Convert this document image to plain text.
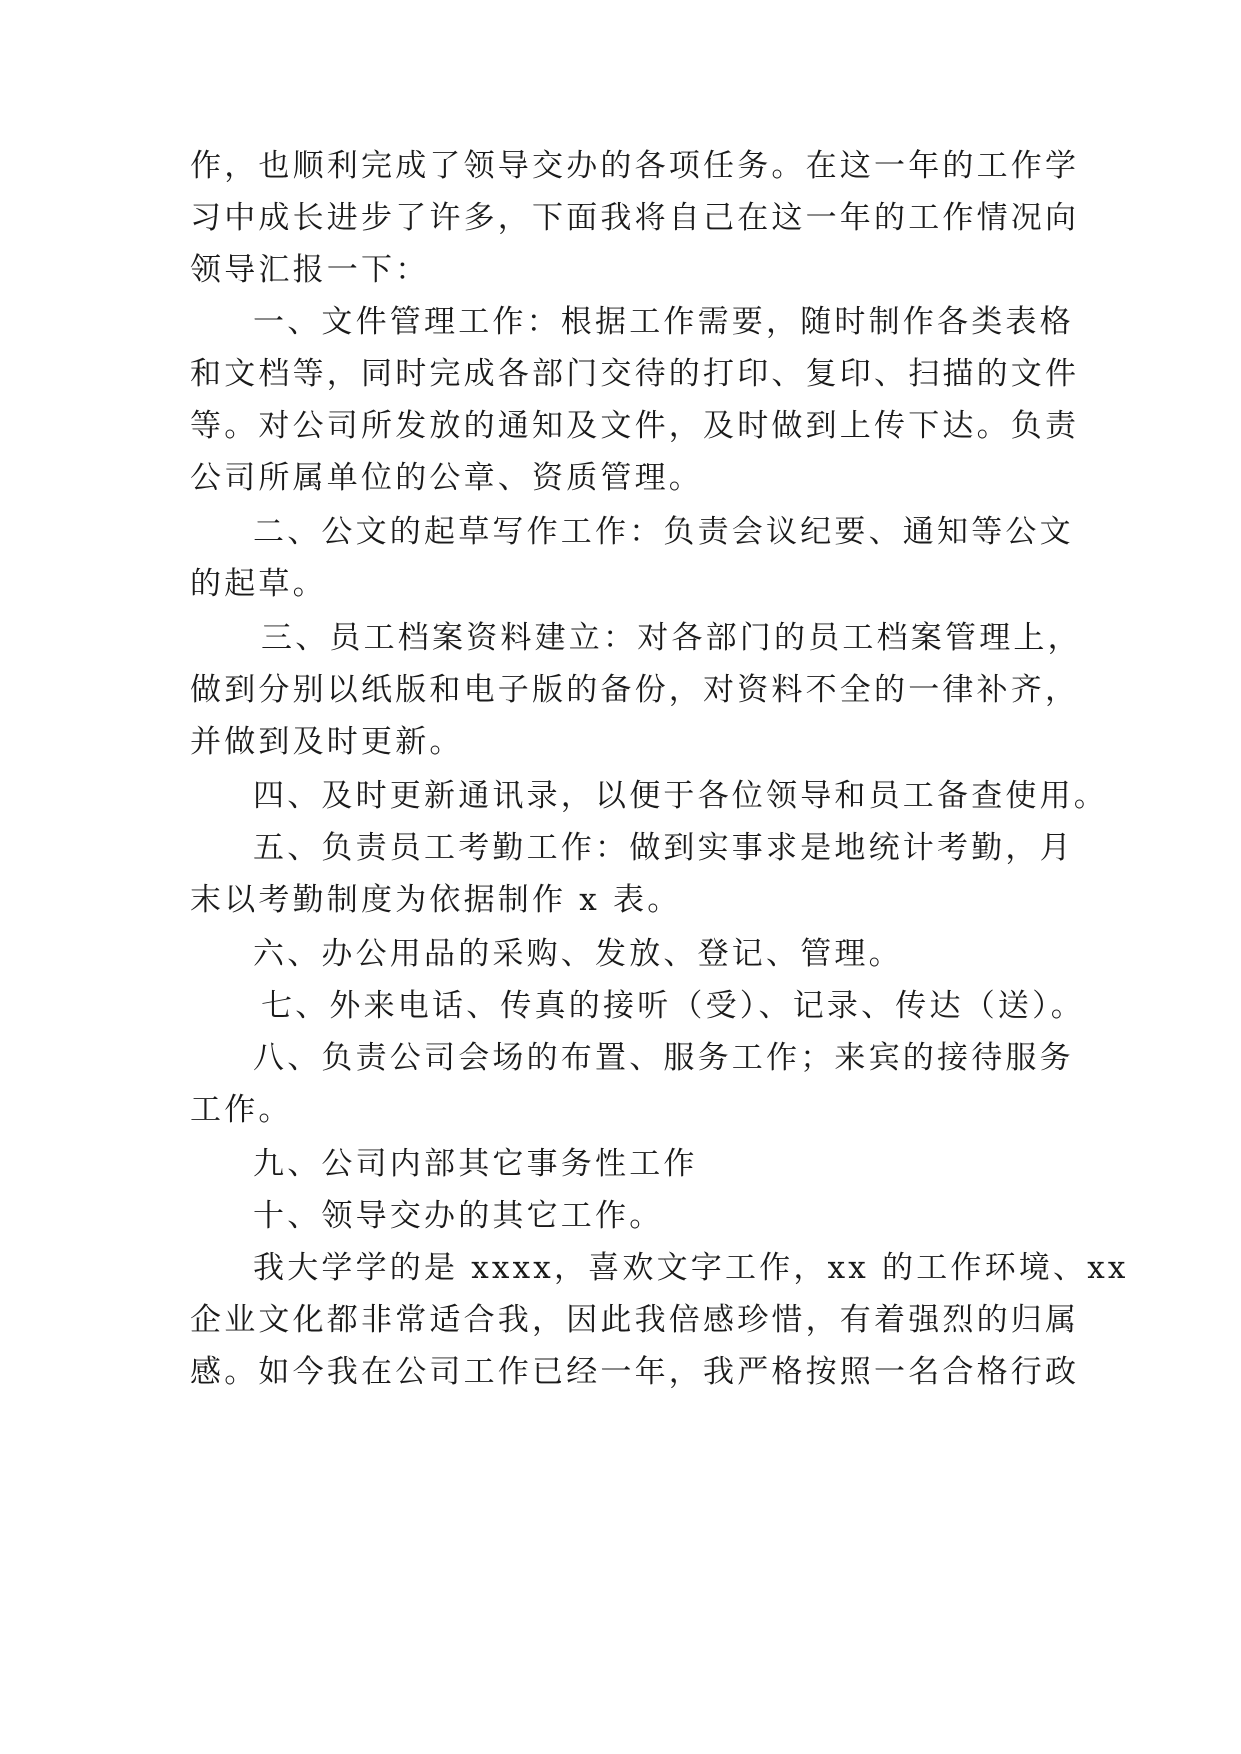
作，也顺利完成了领导交办的各项任务。在这一年的工作学
习中成长进步了许多，下面我将自己在这一年的工作情况向
领导汇报一下：
一、文件管理工作：根据工作需要，随时制作各类表格
和文档等，同时完成各部门交待的打印、复印、扫描的文件
等。对公司所发放的通知及文件，及时做到上传下达。负责
公司所属单位的公章、资质管理。
二、公文的起草写作工作：负责会议纪要、通知等公文
的起草。
三、员工档案资料建立：对各部门的员工档案管理上，
做到分别以纸版和电子版的备份，对资料不全的一律补齐，
并做到及时更新。
四、及时更新通讯录，以便于各位领导和员工备查使用。
五、负责员工考勤工作：做到实事求是地统计考勤，月
末以考勤制度为依据制作 x 表。
六、办公用品的采购、发放、登记、管理。
七、外来电话、传真的接听（受）、记录、传达（送）。
八、负责公司会场的布置、服务工作；来宾的接待服务
工作。
九、公司内部其它事务性工作
十、领导交办的其它工作。
我大学学的是 xxxx，喜欢文字工作，xx 的工作环境、xx
企业文化都非常适合我，因此我倍感珍惜，有着强烈的归属
感。如今我在公司工作已经一年，我严格按照一名合格行政
